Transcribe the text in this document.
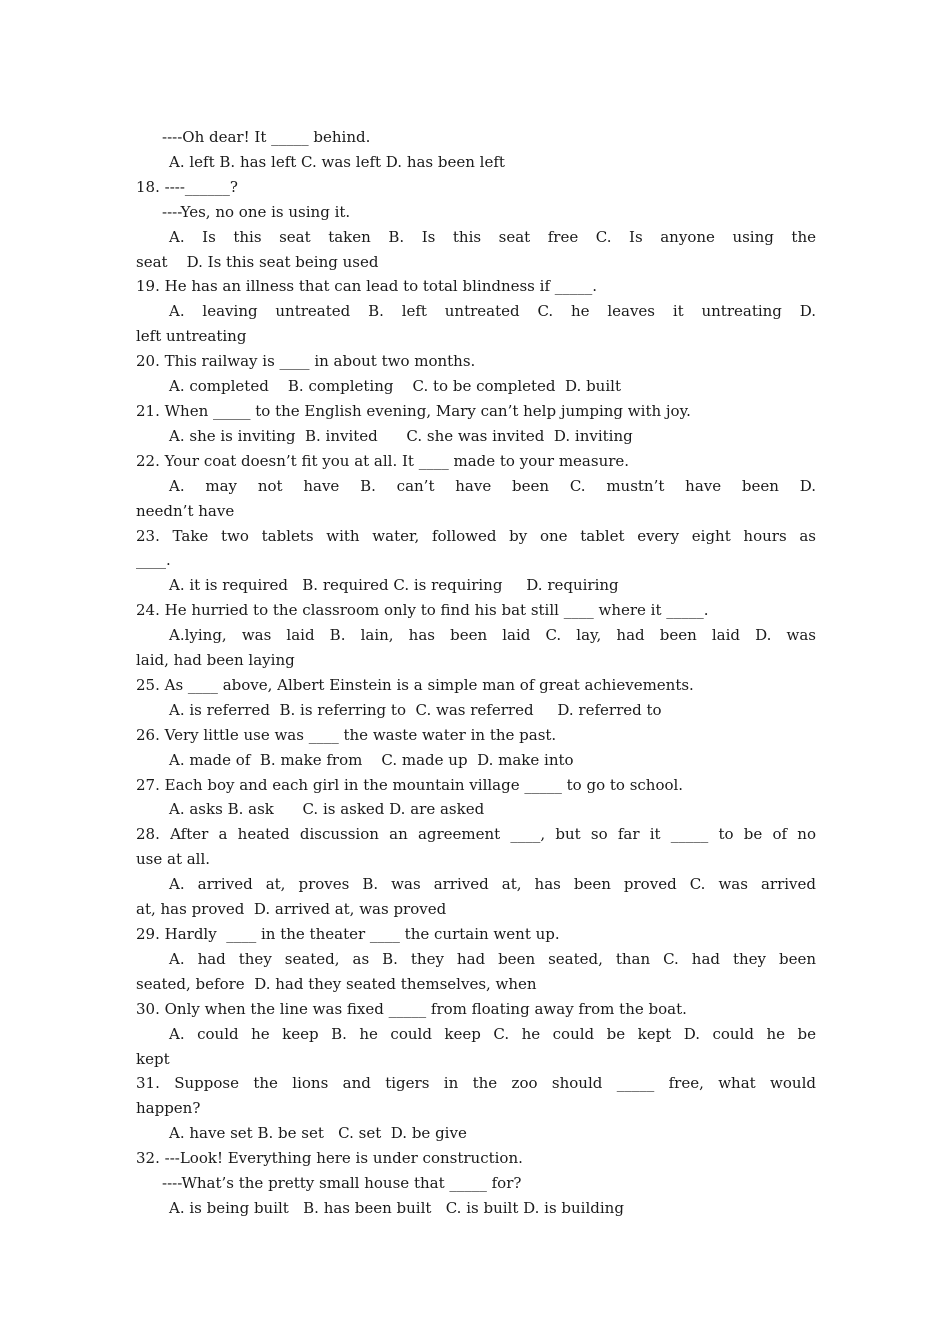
----Oh dear! It _____ behind.
A. left B. has left C. was left D. has been left
18. ----______?
----Yes, no one is using it.
A. Is this seat taken B. Is this seat free C. Is anyone using the
seat    D. Is this seat being used
19. He has an illness that can lead to total blindness if _____.
A. leaving untreated B. left untreated C. he leaves it untreating D.
left untreating
20. This railway is ____ in about two months.
A. completed    B. completing    C. to be completed  D. built
21. When _____ to the English evening, Mary can’t help jumping with joy.
A. she is inviting  B. invited      C. she was invited  D. inviting
22. Your coat doesn’t fit you at all. It ____ made to your measure.
A. may not have B. can’t have been C. mustn’t have been D.
needn’t have
23. Take two tablets with water, followed by one tablet every eight hours as
____.
A. it is required   B. required C. is requiring     D. requiring
24. He hurried to the classroom only to find his bat still ____ where it _____.
A.lying, was laid B. lain, has been laid C. lay, had been laid D. was
laid, had been laying
25. As ____ above, Albert Einstein is a simple man of great achievements.
A. is referred  B. is referring to  C. was referred     D. referred to
26. Very little use was ____ the waste water in the past.
A. made of  B. make from    C. made up  D. make into
27. Each boy and each girl in the mountain village _____ to go to school.
A. asks B. ask      C. is asked D. are asked
28. After a heated discussion an agreement ____, but so far it _____ to be of no
use at all.
A. arrived at, proves B. was arrived at, has been proved C. was arrived
at, has proved  D. arrived at, was proved
29. Hardly  ____ in the theater ____ the curtain went up.
A. had they seated, as B. they had been seated, than C. had they been
seated, before  D. had they seated themselves, when
30. Only when the line was fixed _____ from floating away from the boat.
A. could he keep B. he could keep C. he could be kept D. could he be
kept
31. Suppose the lions and tigers in the zoo should _____ free, what would
happen?
A. have set B. be set   C. set  D. be give
32. ---Look! Everything here is under construction.
----What’s the pretty small house that _____ for?
A. is being built   B. has been built   C. is built D. is building
